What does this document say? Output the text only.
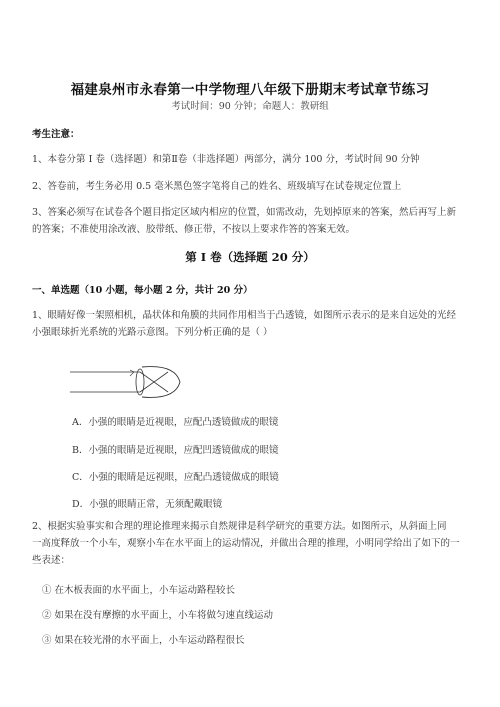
福建泉州市永春第一中学物理八年级下册期末考试章节练习
考试时间：90 分钟；命题人：教研组
考生注意：
1、本卷分第 I 卷（选择题）和第Ⅱ卷（非选择题）两部分，满分 100 分，考试时间 90 分钟
2、答卷前，考生务必用 0.5 毫米黑色签字笔将自己的姓名、班级填写在试卷规定位置上
3、答案必须写在试卷各个题目指定区域内相应的位置，如需改动，先划掉原来的答案，然后再写上新
的答案；不准使用涂改液、胶带纸、修正带，不按以上要求作答的答案无效。
第 I 卷（选择题 20 分）
一、单选题（10 小题，每小题 2 分，共计 20 分）
1、眼睛好像一架照相机，晶状体和角膜的共同作用相当于凸透镜，如图所示表示的是来自远处的光经
小强眼球折光系统的光路示意图。下列分析正确的是（ ）
A．小强的眼睛是近视眼，应配凸透镜做成的眼镜
B．小强的眼睛是近视眼，应配凹透镜做成的眼镜
C．小强的眼睛是远视眼，应配凸透镜做成的眼镜
D．小强的眼睛正常，无须配戴眼镜
2、根据实验事实和合理的理论推理来揭示自然规律是科学研究的重要方法。如图所示，从斜面上同
一高度释放一个小车，观察小车在水平面上的运动情况，并做出合理的推理，小明同学给出了如下的一
些表述：
① 在木板表面的水平面上，小车运动路程较长
② 如果在没有摩擦的水平面上，小车将做匀速直线运动
③ 如果在较光滑的水平面上，小车运动路程很长
